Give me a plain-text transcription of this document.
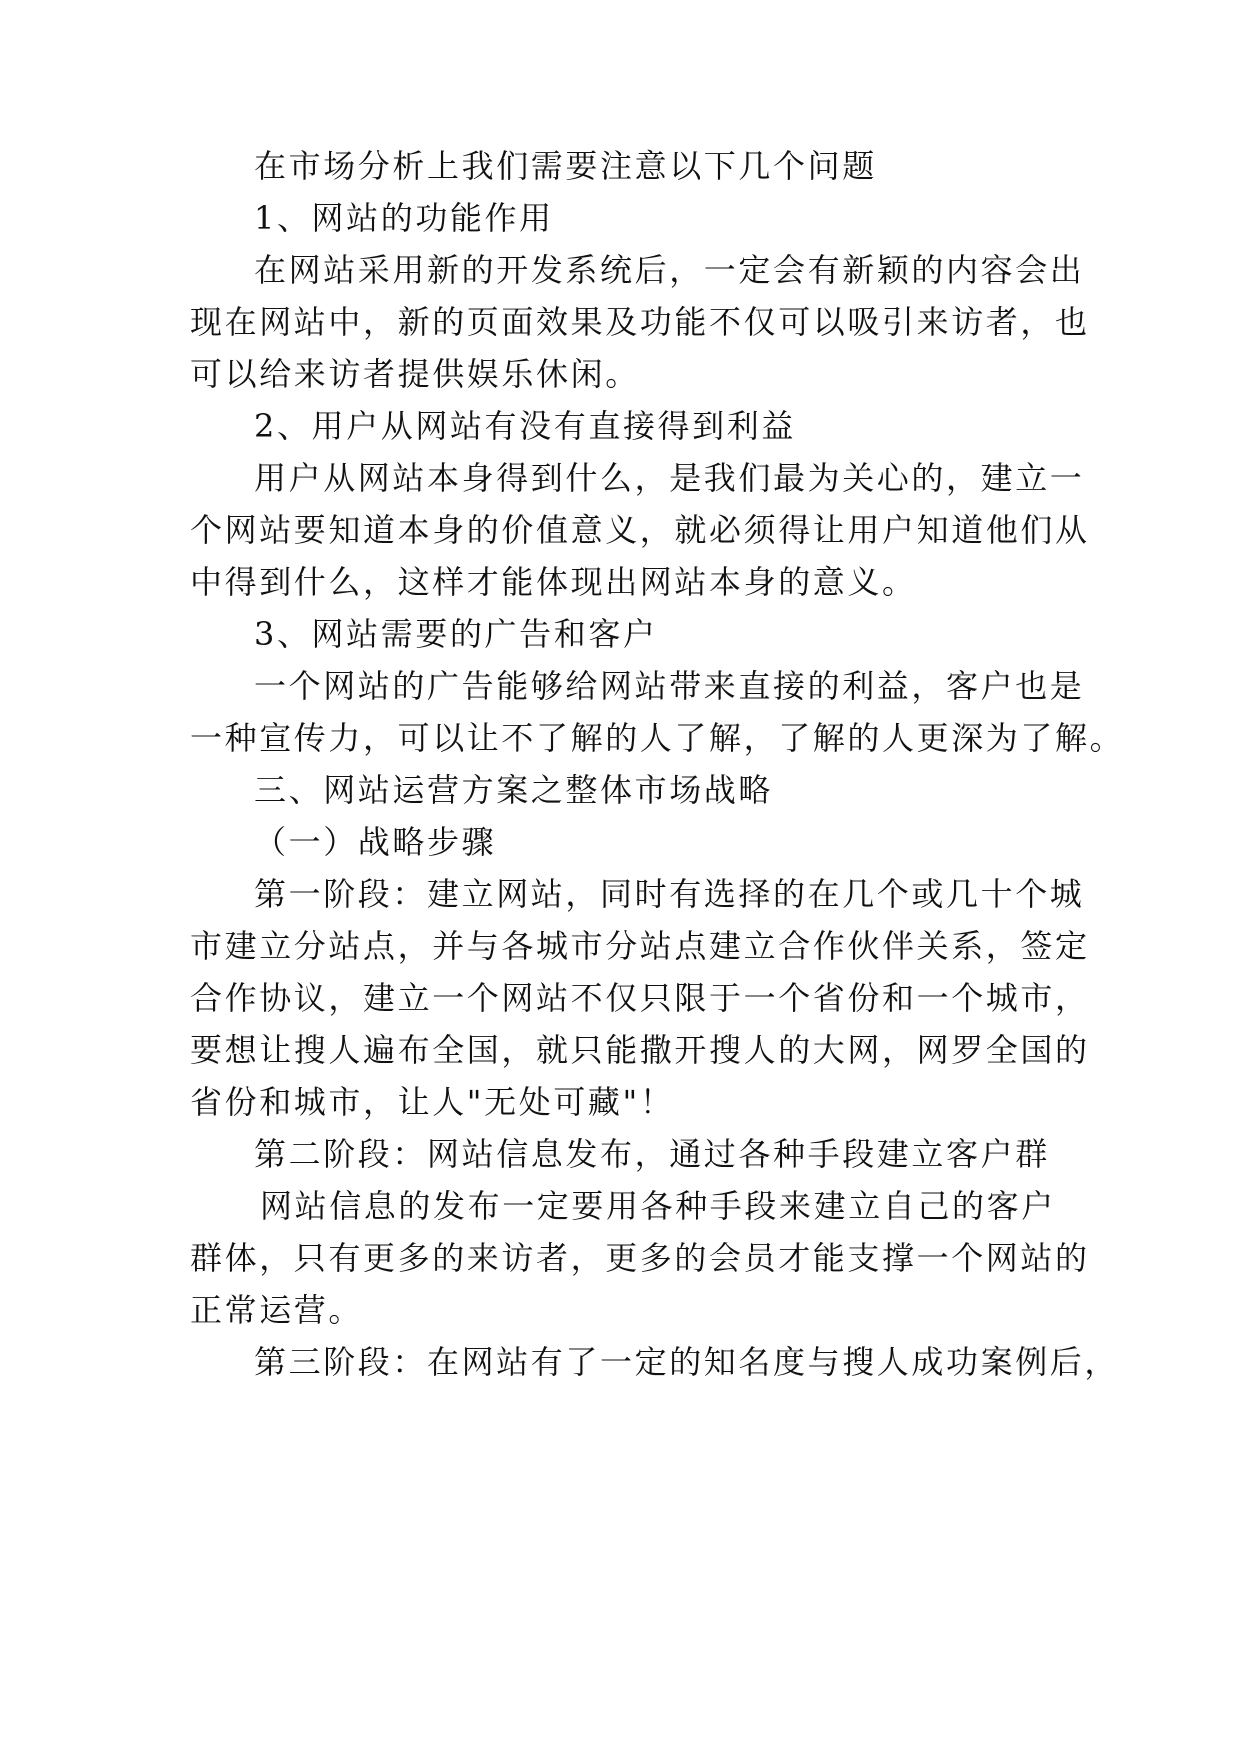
在市场分析上我们需要注意以下几个问题
1、网站的功能作用
在网站采用新的开发系统后，一定会有新颖的内容会出
现在网站中，新的页面效果及功能不仅可以吸引来访者，也
可以给来访者提供娱乐休闲。
2、用户从网站有没有直接得到利益
用户从网站本身得到什么，是我们最为关心的，建立一
个网站要知道本身的价值意义，就必须得让用户知道他们从
中得到什么，这样才能体现出网站本身的意义。
3、网站需要的广告和客户
一个网站的广告能够给网站带来直接的利益，客户也是
一种宣传力，可以让不了解的人了解，了解的人更深为了解。
三、网站运营方案之整体市场战略
（一）战略步骤
第一阶段：建立网站，同时有选择的在几个或几十个城
市建立分站点，并与各城市分站点建立合作伙伴关系，签定
合作协议，建立一个网站不仅只限于一个省份和一个城市，
要想让搜人遍布全国，就只能撒开搜人的大网，网罗全国的
省份和城市，让人"无处可藏"！
第二阶段：网站信息发布，通过各种手段建立客户群
网站信息的发布一定要用各种手段来建立自己的客户
群体，只有更多的来访者，更多的会员才能支撑一个网站的
正常运营。
第三阶段：在网站有了一定的知名度与搜人成功案例后，
